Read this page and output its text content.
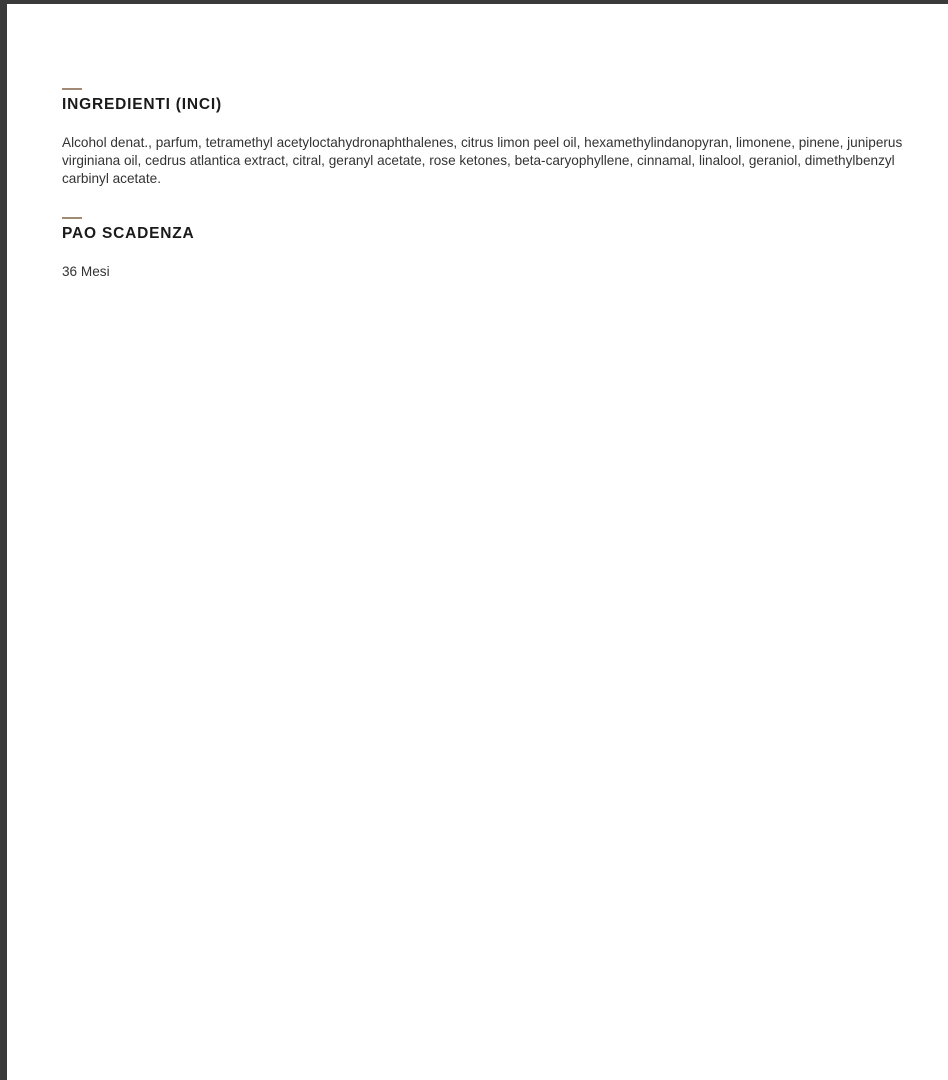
INGREDIENTI (INCI)

Alcohol denat., parfum, tetramethyl acetyloctahydronaphthalenes, citrus limon peel oil, hexamethylindanopyran, limonene, pinene, juniperus virginiana oil, cedrus atlantica extract, citral, geranyl acetate, rose ketones, beta-caryophyllene, cinnamal, linalool, geraniol, dimethylbenzyl carbinyl acetate.

PAO SCADENZA

36 Mesi
